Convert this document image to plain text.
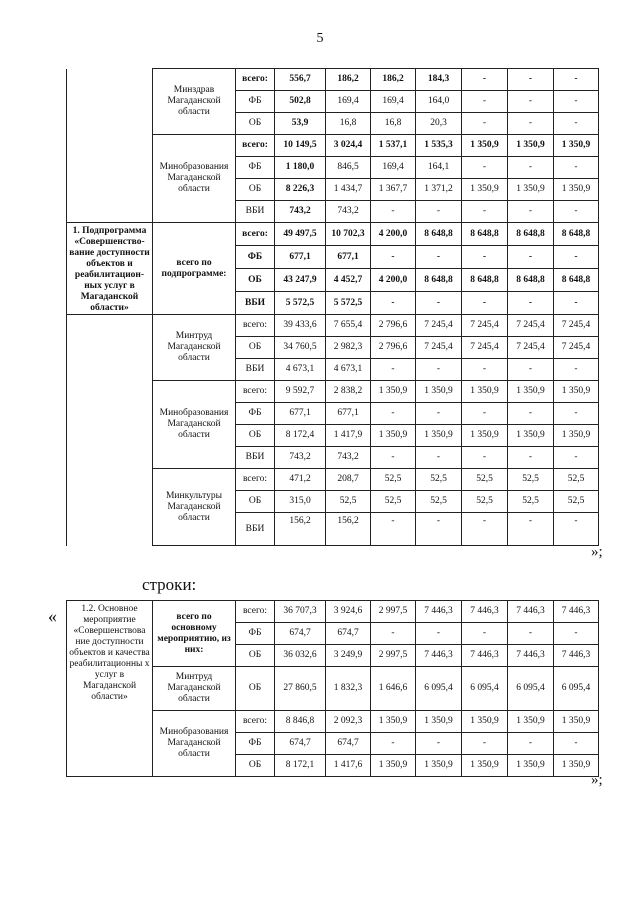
5
	Минздрав Магаданской области	всего:	556,7	186,2	186,2	184,3	-	-	-
		ФБ	502,8	169,4	169,4	164,0	-	-	-
		ОБ	53,9	16,8	16,8	20,3	-	-	-
	Минобразования Магаданской области	всего:	10 149,5	3 024,4	1 537,1	1 535,3	1 350,9	1 350,9	1 350,9
		ФБ	1 180,0	846,5	169,4	164,1	-	-	-
		ОБ	8 226,3	1 434,7	1 367,7	1 371,2	1 350,9	1 350,9	1 350,9
		ВБИ	743,2	743,2	-	-	-	-	-
1. Подпрограмма «Совершенство-вание доступности объектов и реабилитацион-ных услуг в Магаданской области»	всего по подпрограмме:	всего:	49 497,5	10 702,3	4 200,0	8 648,8	8 648,8	8 648,8	8 648,8
		ФБ	677,1	677,1	-	-	-	-	-
		ОБ	43 247,9	4 452,7	4 200,0	8 648,8	8 648,8	8 648,8	8 648,8
		ВБИ	5 572,5	5 572,5	-	-	-	-	-
	Минтруд Магаданской области	всего:	39 433,6	7 655,4	2 796,6	7 245,4	7 245,4	7 245,4	7 245,4
		ОБ	34 760,5	2 982,3	2 796,6	7 245,4	7 245,4	7 245,4	7 245,4
		ВБИ	4 673,1	4 673,1	-	-	-	-	-
	Минобразования Магаданской области	всего:	9 592,7	2 838,2	1 350,9	1 350,9	1 350,9	1 350,9	1 350,9
		ФБ	677,1	677,1	-	-	-	-	-
		ОБ	8 172,4	1 417,9	1 350,9	1 350,9	1 350,9	1 350,9	1 350,9
		ВБИ	743,2	743,2	-	-	-	-	-
	Минкультуры Магаданской области	всего:	471,2	208,7	52,5	52,5	52,5	52,5	52,5
		ОБ	315,0	52,5	52,5	52,5	52,5	52,5	52,5
		ВБИ	156,2	156,2	-	-	-	-	-
»;
строки:
«	1.2. Основное мероприятие «Совершенствова ние доступности объектов и качества реабилитационны х услуг в Магаданской области»	всего по основному мероприятию, из них:	всего:	36 707,3	3 924,6	2 997,5	7 446,3	7 446,3	7 446,3	7 446,3
		ФБ	674,7	674,7	-	-	-	-	-
		ОБ	36 032,6	3 249,9	2 997,5	7 446,3	7 446,3	7 446,3	7 446,3
	Минтруд Магаданской области	ОБ	27 860,5	1 832,3	1 646,6	6 095,4	6 095,4	6 095,4	6 095,4
	Минобразования Магаданской области	всего:	8 846,8	2 092,3	1 350,9	1 350,9	1 350,9	1 350,9	1 350,9
		ФБ	674,7	674,7	-	-	-	-	-
		ОБ	8 172,1	1 417,6	1 350,9	1 350,9	1 350,9	1 350,9	1 350,9
»;
